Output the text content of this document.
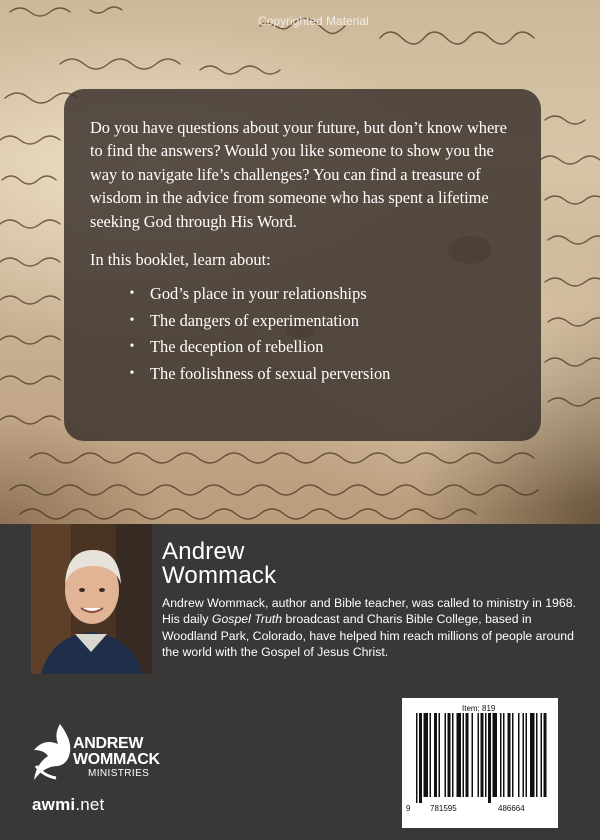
Copyrighted Material

Do you have questions about your future, but don’t know where to find the answers? Would you like someone to show you the way to navigate life’s challenges? You can find a treasure of wisdom in the advice from someone who has spent a lifetime seeking God through His Word.

In this booklet, learn about:

• God’s place in your relationships
• The dangers of experimentation
• The deception of rebellion
• The foolishness of sexual perversion
Andrew
Wommack
Andrew Wommack, author and Bible teacher, was called to ministry in 1968. His daily Gospel Truth broadcast and Charis Bible College, based in Woodland Park, Colorado, have helped him reach millions of people around the world with the Gospel of Jesus Christ.
ANDREW
WOMMACK
MINISTRIES
awmi.net
Item: 819
9 781595	486664
